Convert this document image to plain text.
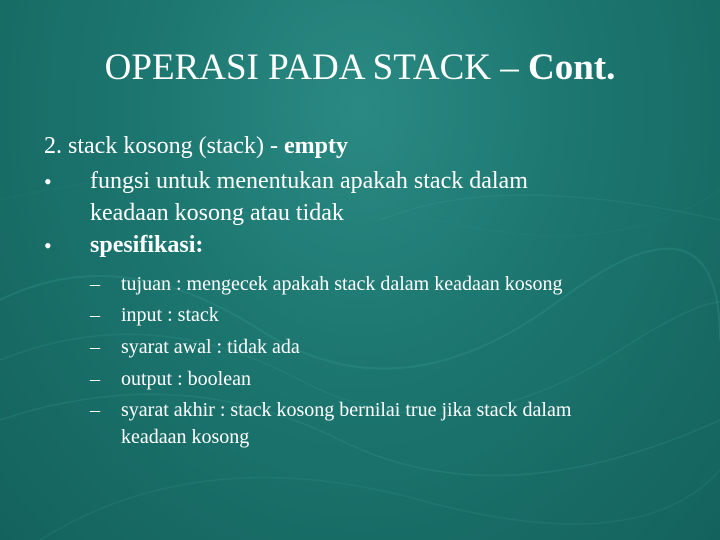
OPERASI PADA STACK – Cont.
2. stack kosong (stack) - empty
• fungsi untuk menentukan apakah stack dalam
keadaan kosong atau tidak
• spesifikasi:
– tujuan : mengecek apakah stack dalam keadaan kosong
– input : stack
– syarat awal : tidak ada
– output : boolean
– syarat akhir : stack kosong bernilai true jika stack dalam
keadaan kosong
